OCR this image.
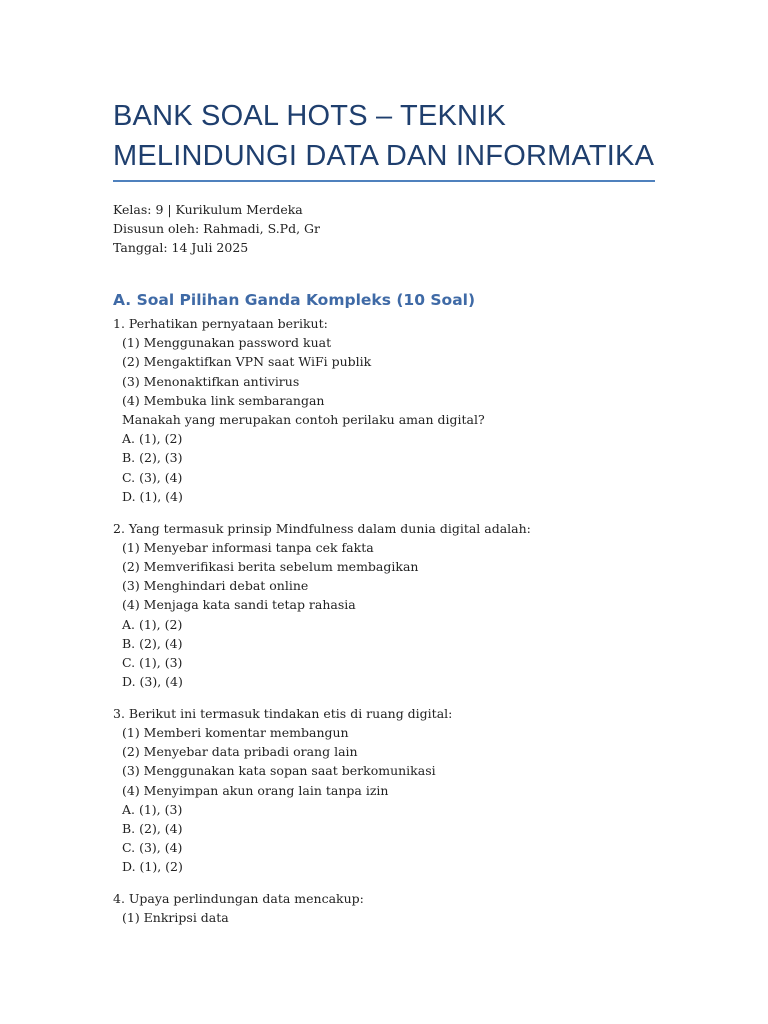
BANK SOAL HOTS – TEKNIK
MELINDUNGI DATA DAN INFORMATIKA
Kelas: 9 | Kurikulum Merdeka
Disusun oleh: Rahmadi, S.Pd, Gr
Tanggal: 14 Juli 2025
A. Soal Pilihan Ganda Kompleks (10 Soal)
1. Perhatikan pernyataan berikut:
(1) Menggunakan password kuat
(2) Mengaktifkan VPN saat WiFi publik
(3) Menonaktifkan antivirus
(4) Membuka link sembarangan
Manakah yang merupakan contoh perilaku aman digital?
A. (1), (2)
B. (2), (3)
C. (3), (4)
D. (1), (4)
2. Yang termasuk prinsip Mindfulness dalam dunia digital adalah:
(1) Menyebar informasi tanpa cek fakta
(2) Memverifikasi berita sebelum membagikan
(3) Menghindari debat online
(4) Menjaga kata sandi tetap rahasia
A. (1), (2)
B. (2), (4)
C. (1), (3)
D. (3), (4)
3. Berikut ini termasuk tindakan etis di ruang digital:
(1) Memberi komentar membangun
(2) Menyebar data pribadi orang lain
(3) Menggunakan kata sopan saat berkomunikasi
(4) Menyimpan akun orang lain tanpa izin
A. (1), (3)
B. (2), (4)
C. (3), (4)
D. (1), (2)
4. Upaya perlindungan data mencakup:
(1) Enkripsi data
